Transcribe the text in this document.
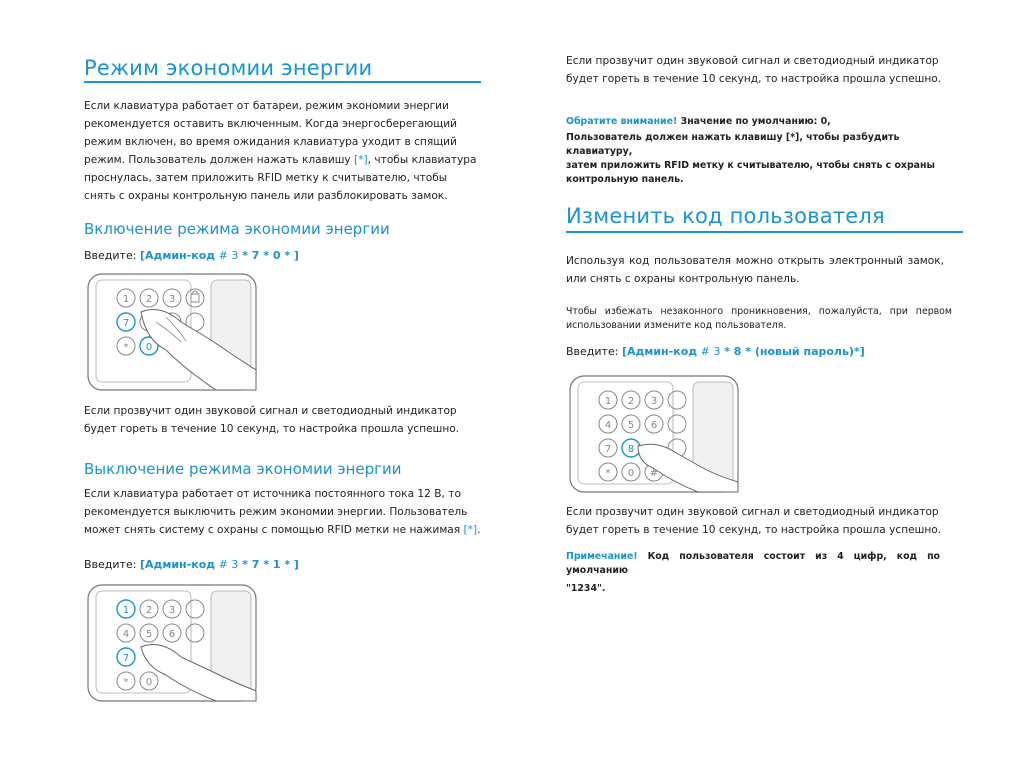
Режим экономии энергии

Если клавиатура работает от батареи, режим экономии энергии

рекомендуется оставить включенным. Когда энергосберегающий

режим включен, во время ожидания клавиатура уходит в спящий

режим. Пользователь должен нажать клавишу [*], чтобы клавиатура

проснулась, затем приложить RFID метку к считывателю, чтобы

снять с охраны контрольную панель или разблокировать замок.

Включение режима экономии энергии
Введите: [Админ-код # 3 * 7 * 0 * ]
1 2 3
7
* 0

Если прозвучит один звуковой сигнал и светодиодный индикатор

будет гореть в течение 10 секунд, то настройка прошла успешно.

Выключение режима экономии энергии

Если клавиатура работает от источника постоянного тока 12 В, то

рекомендуется выключить режим экономии энергии. Пользователь

может снять систему с охраны с помощью RFID метки не нажимая [*].

Введите: [Админ-код # 3 * 7 * 1 * ]
1 2 3
4 5 6
7
* 0

Если прозвучит один звуковой сигнал и светодиодный индикатор

будет гореть в течение 10 секунд, то настройка прошла успешно.

Обратите внимание! Значение по умолчанию: 0,

Пользователь должен нажать клавишу [*], чтобы разбудить клавиатуру,

затем приложить RFID метку к считывателю, чтобы снять с охраны

контрольную панель.

Изменить код пользователя

Используя код пользователя можно открыть электронный замок,

или снять с охраны контрольную панель.

Чтобы избежать незаконного проникновения, пожалуйста, при первом

использовании измените код пользователя.

Введите: [Админ-код # 3 * 8 * (новый пароль)*]
1 2 3
4 5 6
7 8
* 0 #

Если прозвучит один звуковой сигнал и светодиодный индикатор

будет гореть в течение 10 секунд, то настройка прошла успешно.

Примечание! Код пользователя состоит из 4 цифр, код по умолчанию

"1234".
